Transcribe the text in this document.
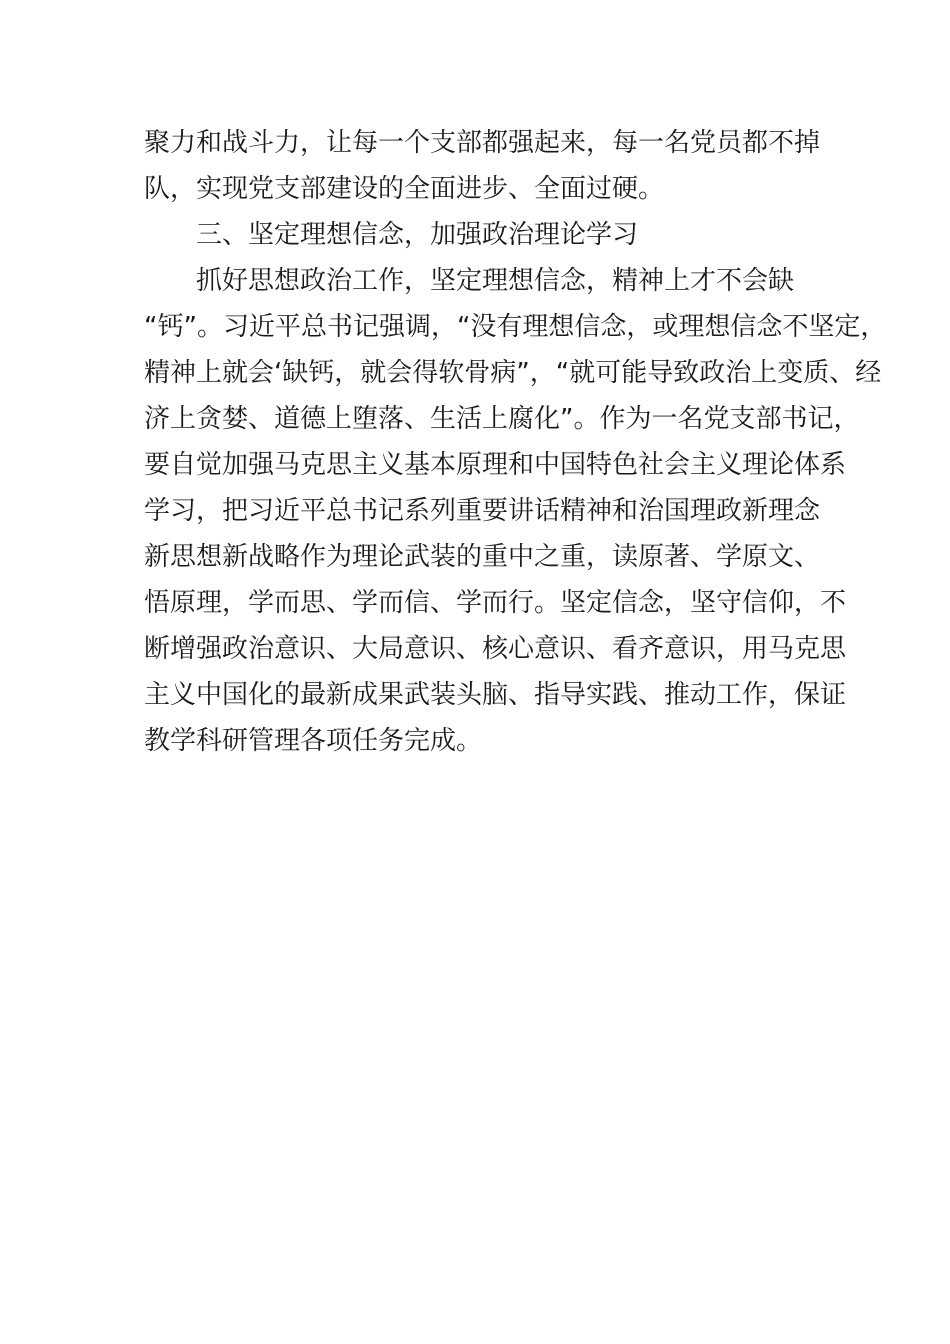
聚力和战斗力，让每一个支部都强起来，每一名党员都不掉
队，实现党支部建设的全面进步、全面过硬。
三、坚定理想信念，加强政治理论学习
抓好思想政治工作，坚定理想信念，精神上才不会缺
“钙”。习近平总书记强调，“没有理想信念，或理想信念不坚定，
精神上就会‘缺钙，就会得软骨病”，“就可能导致政治上变质、经
济上贪婪、道德上堕落、生活上腐化”。作为一名党支部书记，
要自觉加强马克思主义基本原理和中国特色社会主义理论体系
学习，把习近平总书记系列重要讲话精神和治国理政新理念
新思想新战略作为理论武装的重中之重，读原著、学原文、
悟原理，学而思、学而信、学而行。坚定信念，坚守信仰，不
断增强政治意识、大局意识、核心意识、看齐意识，用马克思
主义中国化的最新成果武装头脑、指导实践、推动工作，保证
教学科研管理各项任务完成。
